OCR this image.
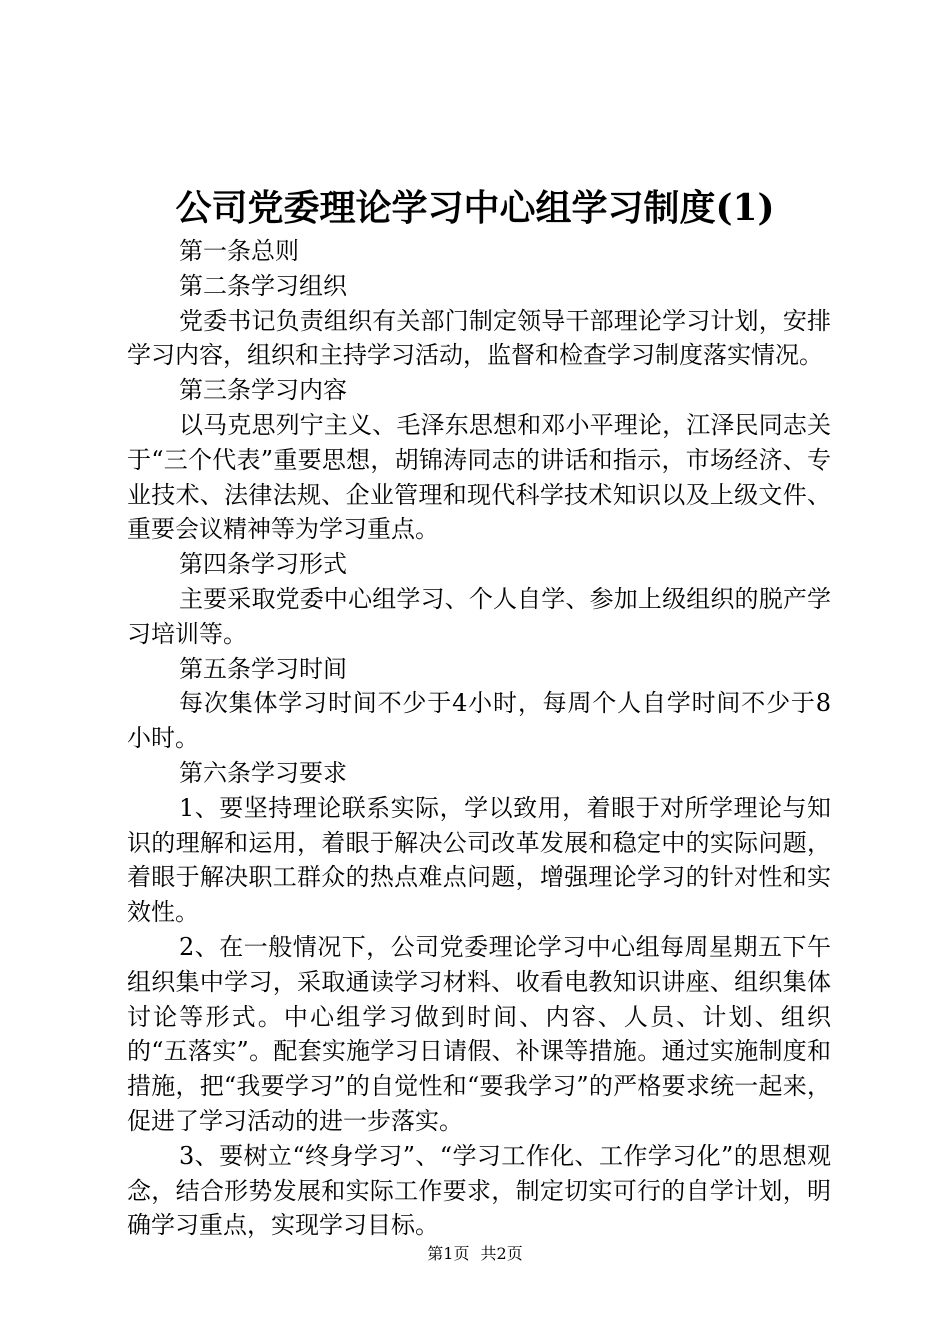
公司党委理论学习中心组学习制度(1)

第一条总则

第二条学习组织

党委书记负责组织有关部门制定领导干部理论学习计划，安排学习内容，组织和主持学习活动，监督和检查学习制度落实情况。

第三条学习内容

以马克思列宁主义、毛泽东思想和邓小平理论，江泽民同志关于“三个代表”重要思想，胡锦涛同志的讲话和指示，市场经济、专业技术、法律法规、企业管理和现代科学技术知识以及上级文件、重要会议精神等为学习重点。

第四条学习形式

主要采取党委中心组学习、个人自学、参加上级组织的脱产学习培训等。

第五条学习时间

每次集体学习时间不少于4小时，每周个人自学时间不少于8小时。

第六条学习要求

1、要坚持理论联系实际，学以致用，着眼于对所学理论与知识的理解和运用，着眼于解决公司改革发展和稳定中的实际问题，着眼于解决职工群众的热点难点问题，增强理论学习的针对性和实效性。

2、在一般情况下，公司党委理论学习中心组每周星期五下午组织集中学习，采取通读学习材料、收看电教知识讲座、组织集体讨论等形式。中心组学习做到时间、内容、人员、计划、组织的“五落实”。配套实施学习日请假、补课等措施。通过实施制度和措施，把“我要学习”的自觉性和“要我学习”的严格要求统一起来，促进了学习活动的进一步落实。

3、要树立“终身学习”、“学习工作化、工作学习化”的思想观念，结合形势发展和实际工作要求，制定切实可行的自学计划，明确学习重点，实现学习目标。

第1页 共2页
